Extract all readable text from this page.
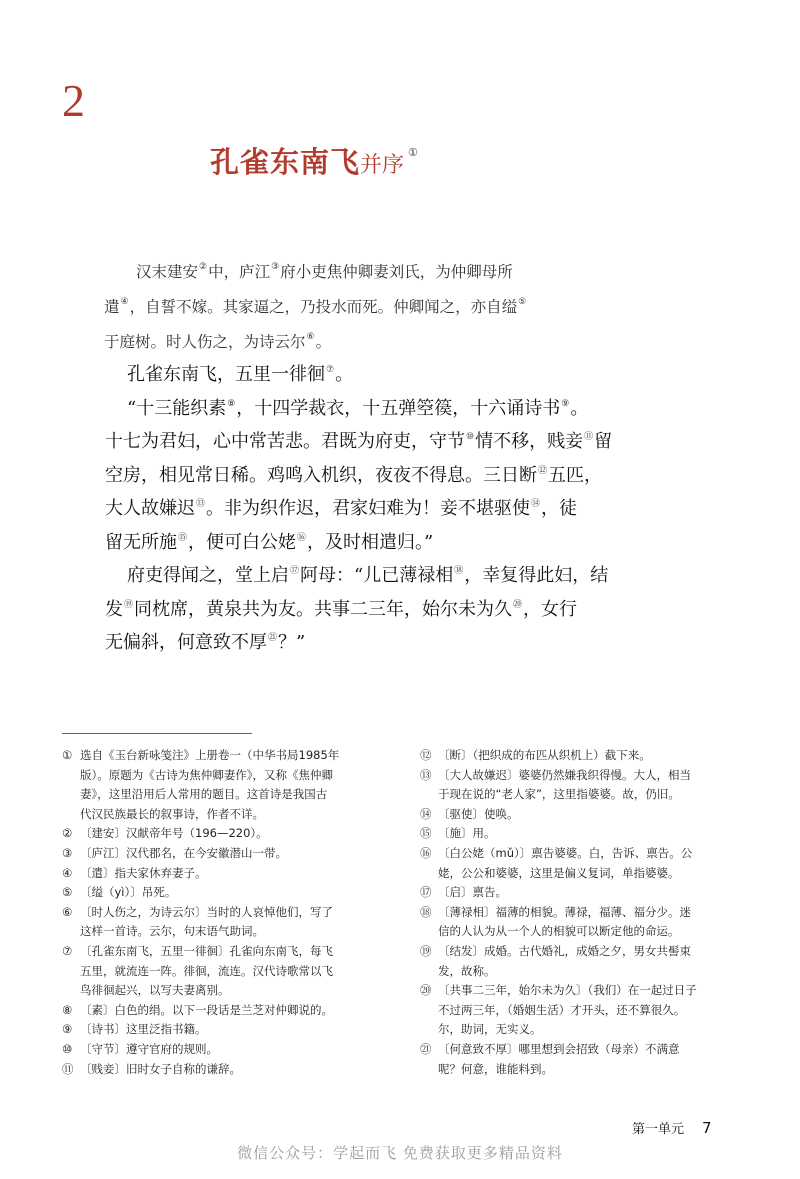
2
孔雀东南飞并序①
汉末建安②中，庐江③府小吏焦仲卿妻刘氏，为仲卿母所
遣④，自誓不嫁。其家逼之，乃投水而死。仲卿闻之，亦自缢⑤
于庭树。时人伤之，为诗云尔⑥。
孔雀东南飞，五里一徘徊⑦。
“十三能织素⑧，十四学裁衣，十五弹箜篌，十六诵诗书⑨。
十七为君妇，心中常苦悲。君既为府吏，守节⑩情不移，贱妾⑪留
空房，相见常日稀。鸡鸣入机织，夜夜不得息。三日断⑫五匹，
大人故嫌迟⑬。非为织作迟，君家妇难为！妾不堪驱使⑭，徒
留无所施⑮，便可白公姥⑯，及时相遣归。”
府吏得闻之，堂上启⑰阿母：“儿已薄禄相⑱，幸复得此妇，结
发⑲同枕席，黄泉共为友。共事二三年，始尔未为久⑳，女行
无偏斜，何意致不厚$^㉑$？”
① 选自《玉台新咏笺注》上册卷一（中华书局1985年
版）。原题为《古诗为焦仲卿妻作》，又称《焦仲卿
妻》，这里沿用后人常用的题目。这首诗是我国古
代汉民族最长的叙事诗，作者不详。
② 〔建安〕汉献帝年号（196—220）。
③ 〔庐江〕汉代郡名，在今安徽潜山一带。
④ 〔遣〕指夫家休弃妻子。
⑤ 〔缢（yì）〕吊死。
⑥ 〔时人伤之，为诗云尔〕当时的人哀悼他们，写了
这样一首诗。云尔，句末语气助词。
⑦ 〔孔雀东南飞，五里一徘徊〕孔雀向东南飞，每飞
五里，就流连一阵。徘徊，流连。汉代诗歌常以飞
鸟徘徊起兴，以写夫妻离别。
⑧ 〔素〕白色的绢。以下一段话是兰芝对仲卿说的。
⑨ 〔诗书〕这里泛指书籍。
⑩ 〔守节〕遵守官府的规则。
⑪ 〔贱妾〕旧时女子自称的谦辞。
⑫ 〔断〕（把织成的布匹从织机上）截下来。
⑬ 〔大人故嫌迟〕婆婆仍然嫌我织得慢。大人，相当
于现在说的“老人家”，这里指婆婆。故，仍旧。
⑭ 〔驱使〕使唤。
⑮ 〔施〕用。
⑯ 〔白公姥（mǔ）〕禀告婆婆。白，告诉、禀告。公
姥，公公和婆婆，这里是偏义复词，单指婆婆。
⑰ 〔启〕禀告。
⑱ 〔薄禄相〕福薄的相貌。薄禄，福薄、福分少。迷
信的人认为从一个人的相貌可以断定他的命运。
⑲ 〔结发〕成婚。古代婚礼，成婚之夕，男女共髻束
发，故称。
⑳ 〔共事二三年，始尔未为久〕（我们）在一起过日子
不过两三年，（婚姻生活）才开头，还不算很久。
尔，助词，无实义。
㉑ 〔何意致不厚〕哪里想到会招致（母亲）不满意
呢？何意，谁能料到。
第一单元 7
微信公众号：学起而飞 免费获取更多精品资料
